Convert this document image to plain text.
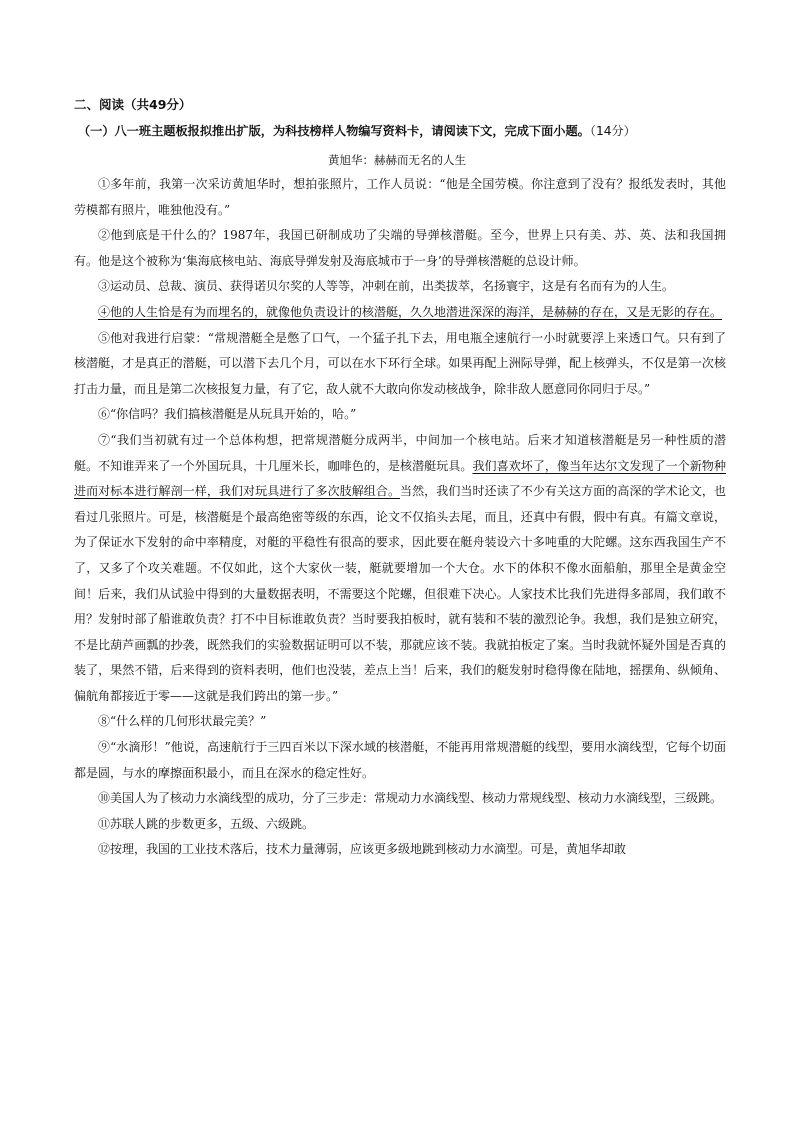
二、阅读（共49分）
（一）八一班主题板报拟推出扩版，为科技榜样人物编写资料卡，请阅读下文，完成下面小题。（14分）
黄旭华：赫赫而无名的人生

①多年前，我第一次采访黄旭华时，想拍张照片，工作人员说：“他是全国劳模。你注意到了没有？报纸发表时，其他劳模都有照片，唯独他没有。”

②他到底是干什么的？1987年，我国已研制成功了尖端的导弹核潜艇。至今，世界上只有美、苏、英、法和我国拥有。他是这个被称为‘集海底核电站、海底导弹发射及海底城市于一身’的导弹核潜艇的总设计师。

③运动员、总裁、演员、获得诺贝尔奖的人等等，冲刺在前，出类拔萃，名扬寰宇，这是有名而有为的人生。

④他的人生恰是有为而埋名的，就像他负责设计的核潜艇，久久地潜进深深的海洋，是赫赫的存在，又是无影的存在。

⑤他对我进行启蒙：“常规潜艇全是憋了口气，一个猛子扎下去，用电瓶全速航行一小时就要浮上来透口气。只有到了核潜艇，才是真正的潜艇，可以潜下去几个月，可以在水下环行全球。如果再配上洲际导弹，配上核弹头，不仅是第一次核打击力量，而且是第二次核报复力量，有了它，敌人就不大敢向你发动核战争，除非敌人愿意同你同归于尽。”

⑥“你信吗？我们搞核潜艇是从玩具开始的，哈。”

⑦“我们当初就有过一个总体构想，把常规潜艇分成两半，中间加一个核电站。后来才知道核潜艇是另一种性质的潜艇。不知谁弄来了一个外国玩具，十几厘米长，咖啡色的，是核潜艇玩具。我们喜欢坏了，像当年达尔文发现了一个新物种进而对标本进行解剖一样，我们对玩具进行了多次肢解组合。当然，我们当时还读了不少有关这方面的高深的学术论文，也看过几张照片。可是，核潜艇是个最高绝密等级的东西，论文不仅掐头去尾，而且，还真中有假，假中有真。有篇文章说，为了保证水下发射的命中率精度，对艇的平稳性有很高的要求，因此要在艇舟装设六十多吨重的大陀螺。这东西我国生产不了，又多了个攻关难题。不仅如此，这个大家伙一装，艇就要增加一个大仓。水下的体积不像水面船舶，那里全是黄金空间！后来，我们从试验中得到的大量数据表明，不需要这个陀螺，但很难下决心。人家技术比我们先进得多部周，我们敢不用？发射时部了船谁敢负责？打不中目标谁敢负责？当时要我拍板时，就有装和不装的激烈论争。我想，我们是独立研究，不是比葫芦画瓢的抄袭，既然我们的实验数据证明可以不装，那就应该不装。我就拍板定了案。当时我就怀疑外国是否真的装了，果然不错，后来得到的资料表明，他们也没装，差点上当！后来，我们的艇发射时稳得像在陆地，摇摆角、纵倾角、偏航角都接近于零——这就是我们跨出的第一步。”

⑧“什么样的几何形状最完美？”

⑨“水滴形！”他说，高速航行于三四百米以下深水域的核潜艇，不能再用常规潜艇的线型，要用水滴线型，它每个切面都是圆，与水的摩擦面积最小，而且在深水的稳定性好。

⑩美国人为了核动力水滴线型的成功，分了三步走：常规动力水滴线型、核动力常规线型、核动力水滴线型，三级跳。

⑪苏联人跳的步数更多，五级、六级跳。

⑫按理，我国的工业技术落后，技术力量薄弱，应该更多级地跳到核动力水滴型。可是，黄旭华却敢
